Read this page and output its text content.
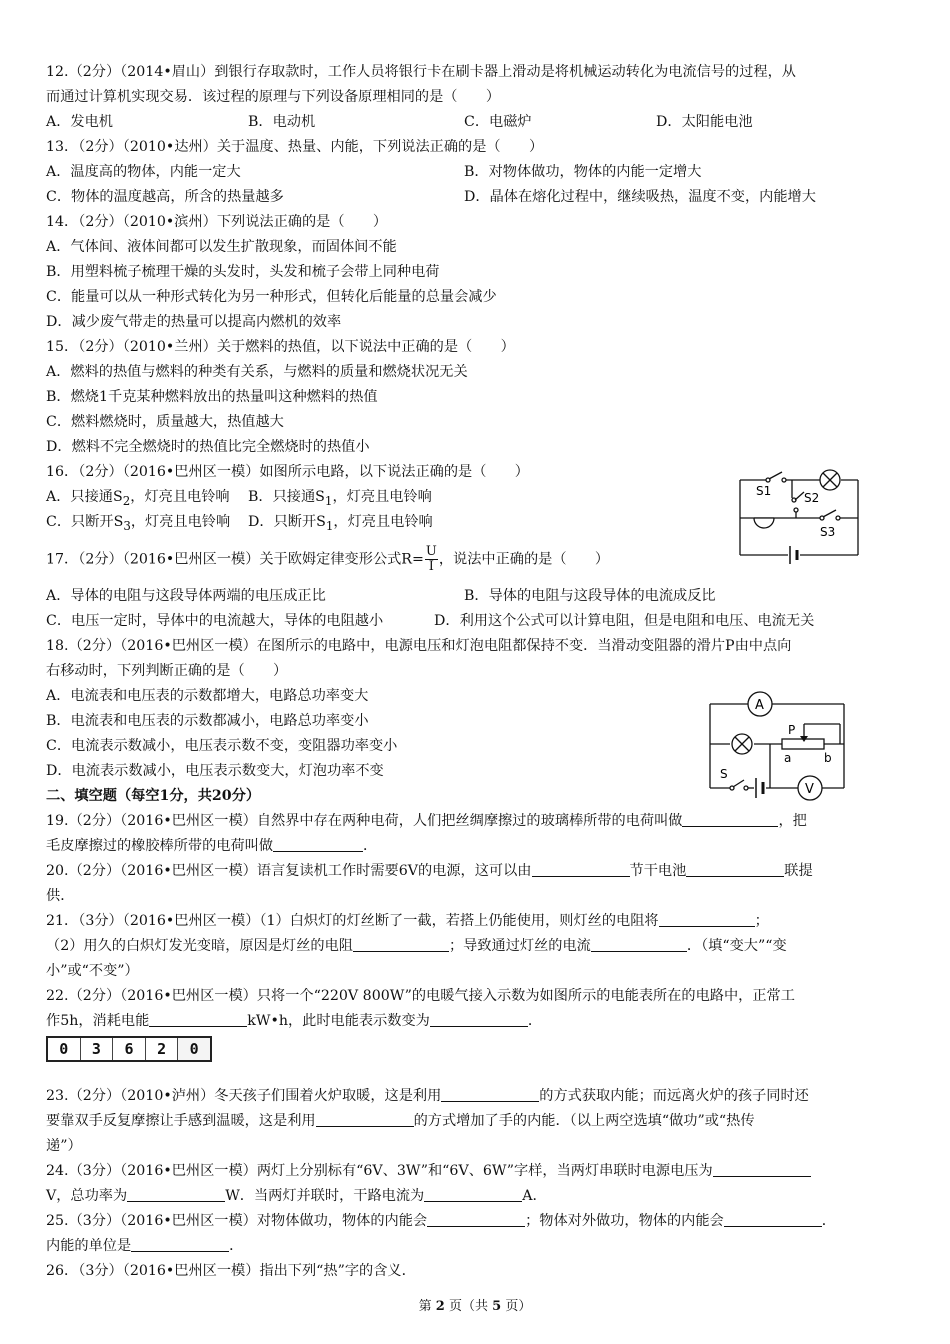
12.（2分）（2014•眉山）到银行存取款时，工作人员将银行卡在刷卡器上滑动是将机械运动转化为电流信号的过程，从
而通过计算机实现交易．该过程的原理与下列设备原理相同的是（　　）
A．发电机	B．电动机	C．电磁炉	D．太阳能电池
13．（2分）（2010•达州）关于温度、热量、内能，下列说法正确的是（　　）
A．温度高的物体，内能一定大	B．对物体做功，物体的内能一定增大
C．物体的温度越高，所含的热量越多	D．晶体在熔化过程中，继续吸热，温度不变，内能增大
14．（2分）（2010•滨州）下列说法正确的是（　　）
A．气体间、液体间都可以发生扩散现象，而固体间不能
B．用塑料梳子梳理干燥的头发时，头发和梳子会带上同种电荷
C．能量可以从一种形式转化为另一种形式，但转化后能量的总量会减少
D．减少废气带走的热量可以提高内燃机的效率
15．（2分）（2010•兰州）关于燃料的热值，以下说法中正确的是（　　）
A．燃料的热值与燃料的种类有关系，与燃料的质量和燃烧状况无关
B．燃烧1千克某种燃料放出的热量叫这种燃料的热值
C．燃料燃烧时，质量越大，热值越大
D．燃料不完全燃烧时的热值比完全燃烧时的热值小
16．（2分）（2016•巴州区一模）如图所示电路，以下说法正确的是（　　）
A．只接通$S_2$，灯亮且电铃响 B．只接通$S_1$，灯亮且电铃响
C．只断开$S_3$，灯亮且电铃响 D．只断开$S_1$，灯亮且电铃响
S1	S2
S3
17．（2分）（2016•巴州区一模）关于欧姆定律变形公式$R= \frac{U}{I}$ ，说法中正确的是（　　）
A．导体的电阻与这段导体两端的电压成正比	B．导体的电阻与这段导体的电流成反比
C．电压一定时，导体中的电流越大，导体的电阻越小	D．利用这个公式可以计算电阻，但是电阻和电压、电流无关
18.（2分）（2016•巴州区一模）在图所示的电路中，电源电压和灯泡电阻都保持不变．当滑动变阻器的滑片P由中点向
右移动时，下列判断正确的是（　　）
A．电流表和电压表的示数都增大，电路总功率变大
B．电流表和电压表的示数都减小，电路总功率变小
C．电流表示数减小，电压表示数不变，变阻器功率变小
D．电流表示数减小，电压表示数变大，灯泡功率不变
A
V
P
a	b
S
二、填空题（每空1分，共20分）
19.（2分）（2016•巴州区一模）自然界中存在两种电荷，人们把丝绸摩擦过的玻璃棒所带的电荷叫做	，把
毛皮摩擦过的橡胶棒所带的电荷叫做	．
20.（2分）（2016•巴州区一模）语言复读机工作时需要6V的电源，这可以由	节干电池	联提
供．
21．（3分）（2016•巴州区一模）（1）白炽灯的灯丝断了一截，若搭上仍能使用，则灯丝的电阻将	；
（2）用久的白炽灯发光变暗，原因是灯丝的电阻	；导致通过灯丝的电流	．（填“变大”“变
小”或“不变”）
22.（2分）（2016•巴州区一模）只将一个“220V 800W”的电暖气接入示数为如图所示的电能表所在的电路中，正常工
作5h，消耗电能	kW•h，此时电能表示数变为	．
0	3	6	2	0
23.（2分）（2010•泸州）冬天孩子们围着火炉取暖，这是利用	的方式获取内能；而远离火炉的孩子同时还
要靠双手反复摩擦让手感到温暖，这是利用	的方式增加了手的内能．（以上两空选填“做功”或“热传
递”）
24.（3分）（2016•巴州区一模）两灯上分别标有“6V、3W”和“6V、6W”字样，当两灯串联时电源电压为
V，总功率为	W．当两灯并联时，干路电流为	A．
25.（3分）（2016•巴州区一模）对物体做功，物体的内能会	；物体对外做功，物体的内能会	．
内能的单位是	．
26．（3分）（2016•巴州区一模）指出下列“热”字的含义．
第 2 页（共 5 页）
